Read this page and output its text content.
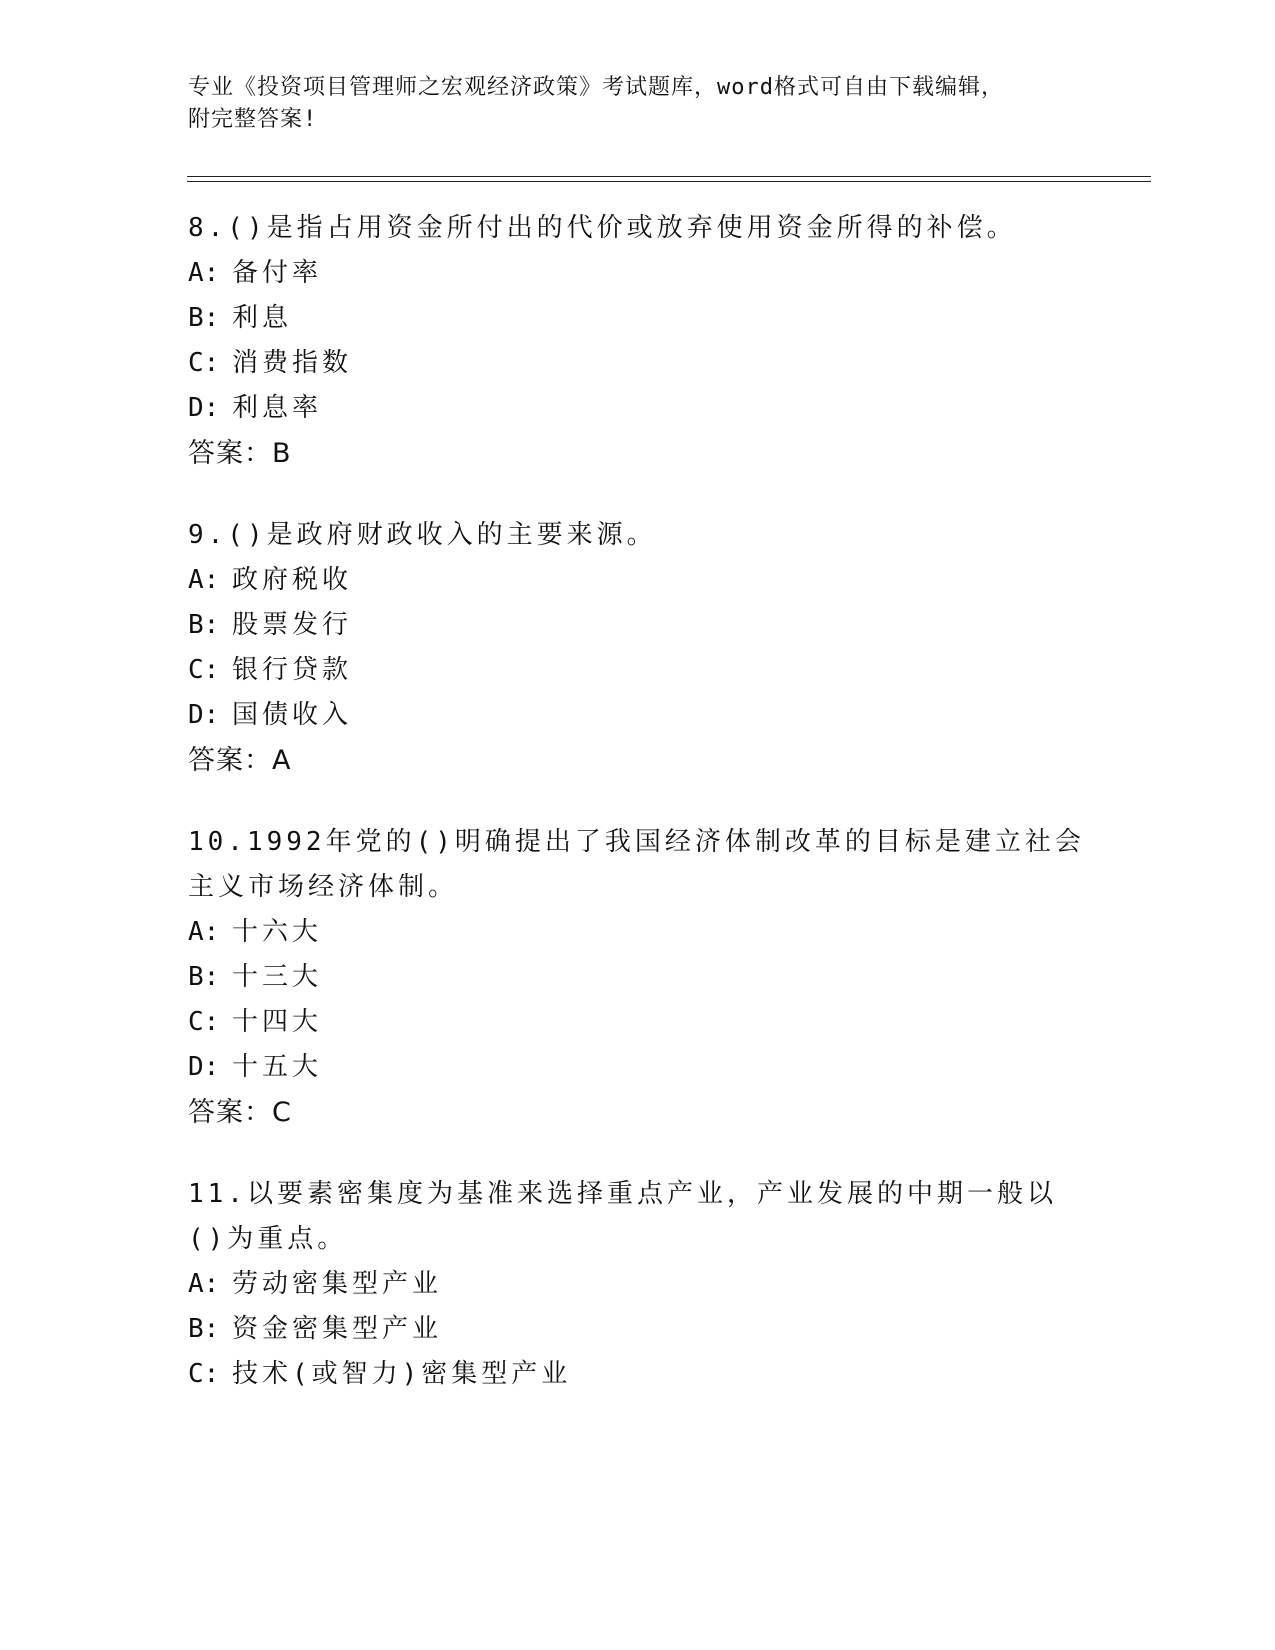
专业《投资项目管理师之宏观经济政策》考试题库，word格式可自由下载编辑，
附完整答案!
8.()是指占用资金所付出的代价或放弃使用资金所得的补偿。
A: 备付率
B: 利息
C: 消费指数
D: 利息率
答案：B
9.()是政府财政收入的主要来源。
A: 政府税收
B: 股票发行
C: 银行贷款
D: 国债收入
答案：A
10.1992年党的()明确提出了我国经济体制改革的目标是建立社会主义市场经济体制。
A: 十六大
B: 十三大
C: 十四大
D: 十五大
答案：C
11.以要素密集度为基准来选择重点产业，产业发展的中期一般以()为重点。
A: 劳动密集型产业
B: 资金密集型产业
C: 技术(或智力)密集型产业
